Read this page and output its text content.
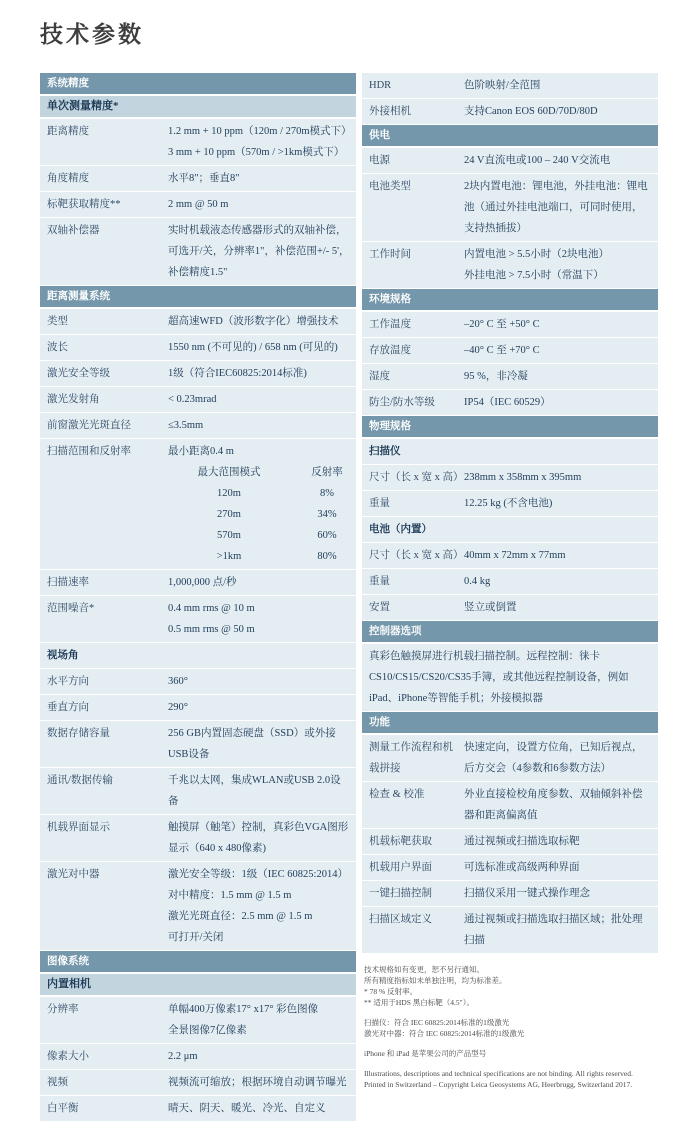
技术参数
系统精度
单次测量精度*
距离精度	1.2 mm + 10 ppm（120m / 270m模式下）
3 mm + 10 ppm（570m / >1km模式下）
角度精度	水平8"；垂直8"
标靶获取精度**	2 mm @ 50 m
双轴补偿器	实时机载液态传感器形式的双轴补偿，可选开/关，分辨率1"，补偿范围+/- 5'，补偿精度1.5"
距离测量系统
类型	超高速WFD（波形数字化）增强技术
波长	1550 nm (不可见的) / 658 nm (可见的)
激光安全等级	1级（符合IEC60825:2014标准)
激光发射角	< 0.23mrad
前窗激光光斑直径	≤3.5mm
扫描范围和反射率	最小距离0.4 m
最大范围模式	反射率
120m	8%
270m	34%
570m	60%
>1km	80%
扫描速率	1,000,000 点/秒
范围噪音*	0.4 mm rms @ 10 m
0.5 mm rms @ 50 m
视场角
水平方向	360°
垂直方向	290°
数据存储容量	256 GB内置固态硬盘（SSD）或外接USB设备
通讯/数据传输	千兆以太网，集成WLAN或USB 2.0设备
机载界面显示	触摸屏（触笔）控制，真彩色VGA图形显示（640 x 480像素)
激光对中器	激光安全等级：1级（IEC 60825:2014）
对中精度：1.5 mm @ 1.5 m
激光光斑直径：2.5 mm @ 1.5 m
可打开/关闭
图像系统
内置相机
分辨率	单幅400万像素17° x17° 彩色图像
全景图像7亿像素
像素大小	2.2 μm
视频	视频流可缩放；根据环境自动调节曝光
白平衡	晴天、阴天、暖光、冷光、自定义
HDR	色阶映射/全范围
外接相机	支持Canon EOS 60D/70D/80D
供电
电源	24 V直流电或100 – 240 V交流电
电池类型	2块内置电池：锂电池，外挂电池：锂电池（通过外挂电池端口，可同时使用，支持热插拔）
工作时间	内置电池 > 5.5小时（2块电池）
外挂电池 > 7.5小时（常温下）
环境规格
工作温度	–20° C 至 +50° C
存放温度	–40° C 至 +70° C
湿度	95 %，非冷凝
防尘/防水等级	IP54（IEC 60529）
物理规格
扫描仪
尺寸（长 x 宽 x 高） 238mm x 358mm x 395mm
重量	12.25 kg (不含电池)
电池（内置）
尺寸（长 x 宽 x 高） 40mm x 72mm x 77mm
重量	0.4 kg
安置	竖立或倒置
控制器选项
真彩色触摸屏进行机载扫描控制。远程控制：徕卡CS10/CS15/CS20/CS35手簿，或其他远程控制设备，例如iPad、iPhone等智能手机；外接模拟器
功能
测量工作流程和机载拼接
快速定向，设置方位角，已知后视点，后方交会（4参数和6参数方法）
检查 & 校准	外业直接检校角度参数、双轴倾斜补偿器和距离偏离值
机载标靶获取	通过视频或扫描选取标靶
机载用户界面	可选标准或高级两种界面
一键扫描控制	扫描仪采用一键式操作理念
扫描区域定义	通过视频或扫描选取扫描区域；批处理扫描
技术规格如有变更，恕不另行通知。
所有精度指标如未单独注明，均为标准差。
* 78 % 反射率。
** 适用于HDS 黑白标靶（4.5"）。
扫描仪：符合 IEC 60825:2014标准的1级激光
激光对中器：符合 IEC 60825:2014标准的1级激光
iPhone 和 iPad 是苹果公司的产品型号
Illustrations, descriptions and technical specifications are not binding. All rights reserved.
Printed in Switzerland – Copyright Leica Geosystems AG, Heerbrugg, Switzerland 2017.
